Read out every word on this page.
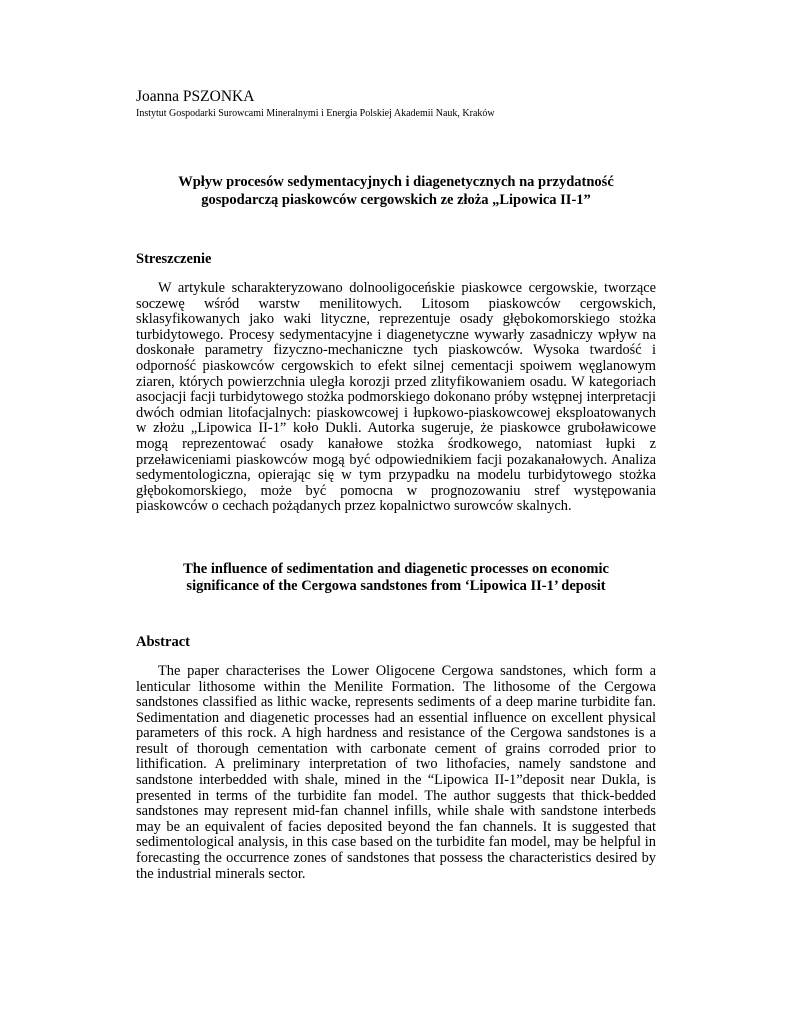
Joanna PSZONKA

Instytut Gospodarki Surowcami Mineralnymi i Energia Polskiej Akademii Nauk, Kraków

Wpływ procesów sedymentacyjnych i diagenetycznych na przydatność
gospodarczą piaskowców cergowskich ze złoża „Lipowica II-1”

Streszczenie

W artykule scharakteryzowano dolnooligoceńskie piaskowce cergowskie, tworzące soczewę wśród warstw menilitowych. Litosom piaskowców cergowskich, sklasyfikowanych jako waki lityczne, reprezentuje osady głębokomorskiego stożka turbidytowego. Procesy sedymentacyjne i diagenetyczne wywarły zasadniczy wpływ na doskonałe parametry fizyczno-mechaniczne tych piaskowców. Wysoka twardość i odporność piaskowców cergowskich to efekt silnej cementacji spoiwem węglanowym ziaren, których powierzchnia uległa korozji przed zlityfikowaniem osadu. W kategoriach asocjacji facji turbidytowego stożka podmorskiego dokonano próby wstępnej interpretacji dwóch odmian litofacjalnych: piaskowcowej i łupkowo-piaskowcowej eksploatowanych w złożu „Lipowica II-1” koło Dukli. Autorka sugeruje, że piaskowce gruboławicowe mogą reprezentować osady kanałowe stożka środkowego, natomiast łupki z przeławiceniami piaskowców mogą być odpowiednikiem facji pozakanałowych. Analiza sedymentologiczna, opierając się w tym przypadku na modelu turbidytowego stożka głębokomorskiego, może być pomocna w prognozowaniu stref występowania piaskowców o cechach pożądanych przez kopalnictwo surowców skalnych.

The influence of sedimentation and diagenetic processes on economic
significance of the Cergowa sandstones from ‘Lipowica II-1’ deposit

Abstract

The paper characterises the Lower Oligocene Cergowa sandstones, which form a lenticular lithosome within the Menilite Formation. The lithosome of the Cergowa sandstones classified as lithic wacke, represents sediments of a deep marine turbidite fan. Sedimentation and diagenetic processes had an essential influence on excellent physical parameters of this rock. A high hardness and resistance of the Cergowa sandstones is a result of thorough cementation with carbonate cement of grains corroded prior to lithification. A preliminary interpretation of two lithofacies, namely sandstone and sandstone interbedded with shale, mined in the “Lipowica II-1”deposit near Dukla, is presented in terms of the turbidite fan model. The author suggests that thick-bedded sandstones may represent mid-fan channel infills, while shale with sandstone interbeds may be an equivalent of facies deposited beyond the fan channels. It is suggested that sedimentological analysis, in this case based on the turbidite fan model, may be helpful in forecasting the occurrence zones of sandstones that possess the characteristics desired by the industrial minerals sector.
